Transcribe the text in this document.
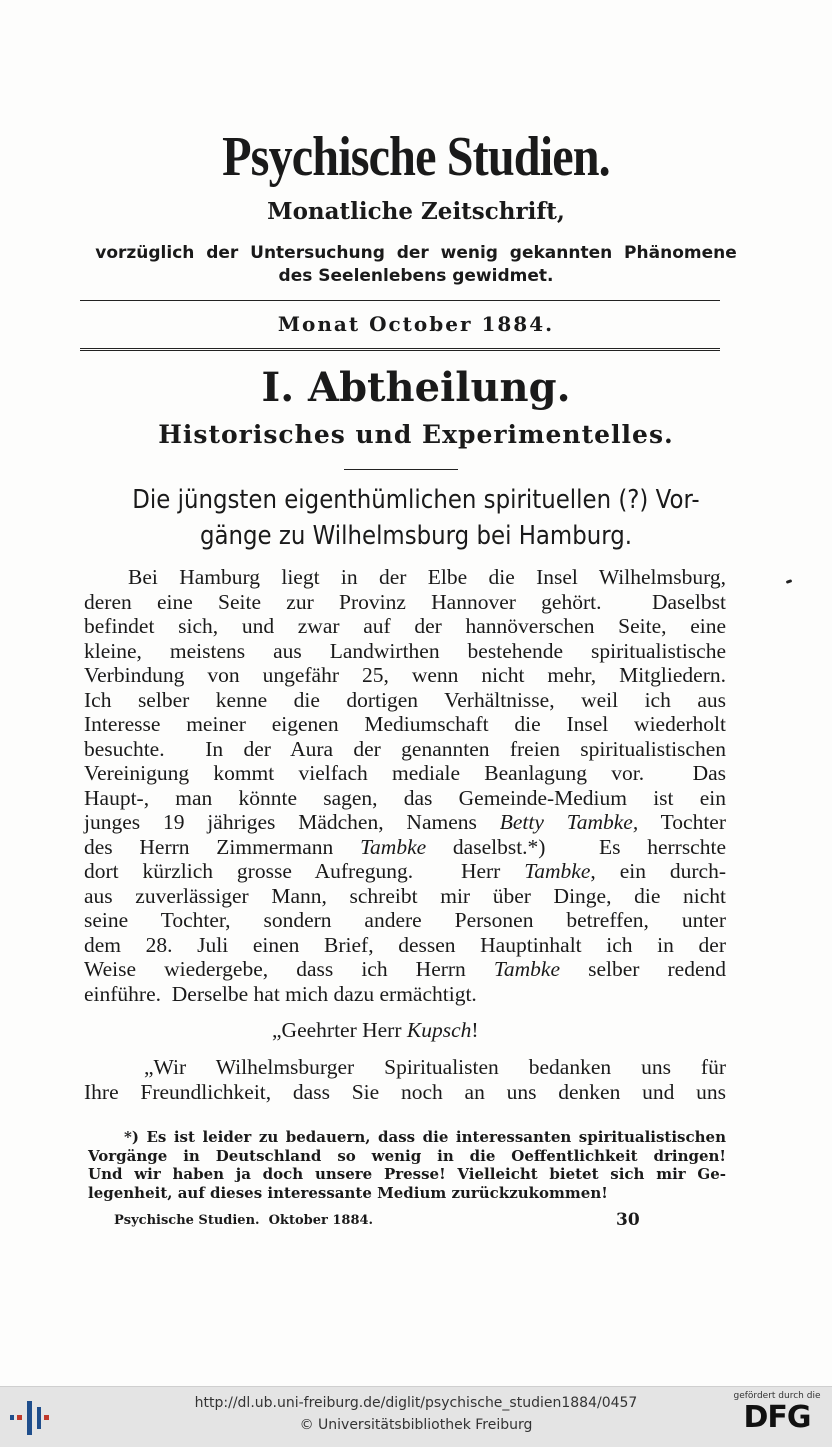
Psychische Studien.
Monatliche Zeitschrift,
vorzüglich  der  Untersuchung  der  wenig  gekannten  Phänomene
des Seelenlebens gewidmet.
Monat October 1884.
I. Abtheilung.
Historisches und Experimentelles.
Die jüngsten eigenthümlichen spirituellen (?) Vor-
gänge zu Wilhelmsburg bei Hamburg.
Bei Hamburg liegt in der Elbe die Insel Wilhelmsburg,
deren eine Seite zur Provinz Hannover gehört.  Daselbst
befindet sich, und zwar auf der hannöverschen Seite, eine
kleine, meistens aus Landwirthen bestehende spiritualistische
Verbindung von ungefähr 25, wenn nicht mehr, Mitgliedern.
Ich selber kenne die dortigen Verhältnisse, weil ich aus
Interesse meiner eigenen Mediumschaft die Insel wiederholt
besuchte.  In der Aura der genannten freien spiritualistischen
Vereinigung kommt vielfach mediale Beanlagung vor.  Das
Haupt-, man könnte sagen, das Gemeinde-Medium ist ein
junges 19 jähriges Mädchen, Namens Betty Tambke, Tochter
des Herrn Zimmermann Tambke daselbst.*)  Es herrschte
dort kürzlich grosse Aufregung.  Herr Tambke, ein durch-
aus zuverlässiger Mann, schreibt mir über Dinge, die nicht
seine Tochter, sondern andere Personen betreffen, unter
dem 28. Juli einen Brief, dessen Hauptinhalt ich in der
Weise wiedergebe, dass ich Herrn Tambke selber redend
einführe.  Derselbe hat mich dazu ermächtigt.
„Geehrter Herr Kupsch!
„Wir Wilhelmsburger Spiritualisten bedanken uns für
Ihre Freundlichkeit, dass Sie noch an uns denken und uns
*) Es ist leider zu bedauern, dass die interessanten spiritualistischen
Vorgänge in Deutschland so wenig in die Oeffentlichkeit dringen!
Und wir haben ja doch unsere Presse! Vielleicht bietet sich mir Ge-
legenheit, auf dieses interessante Medium zurückzukommen!
Psychische Studien.  Oktober 1884.	30
http://dl.ub.uni-freiburg.de/diglit/psychische_studien1884/0457
© Universitätsbibliothek Freiburg
gefördert durch die
DFG
